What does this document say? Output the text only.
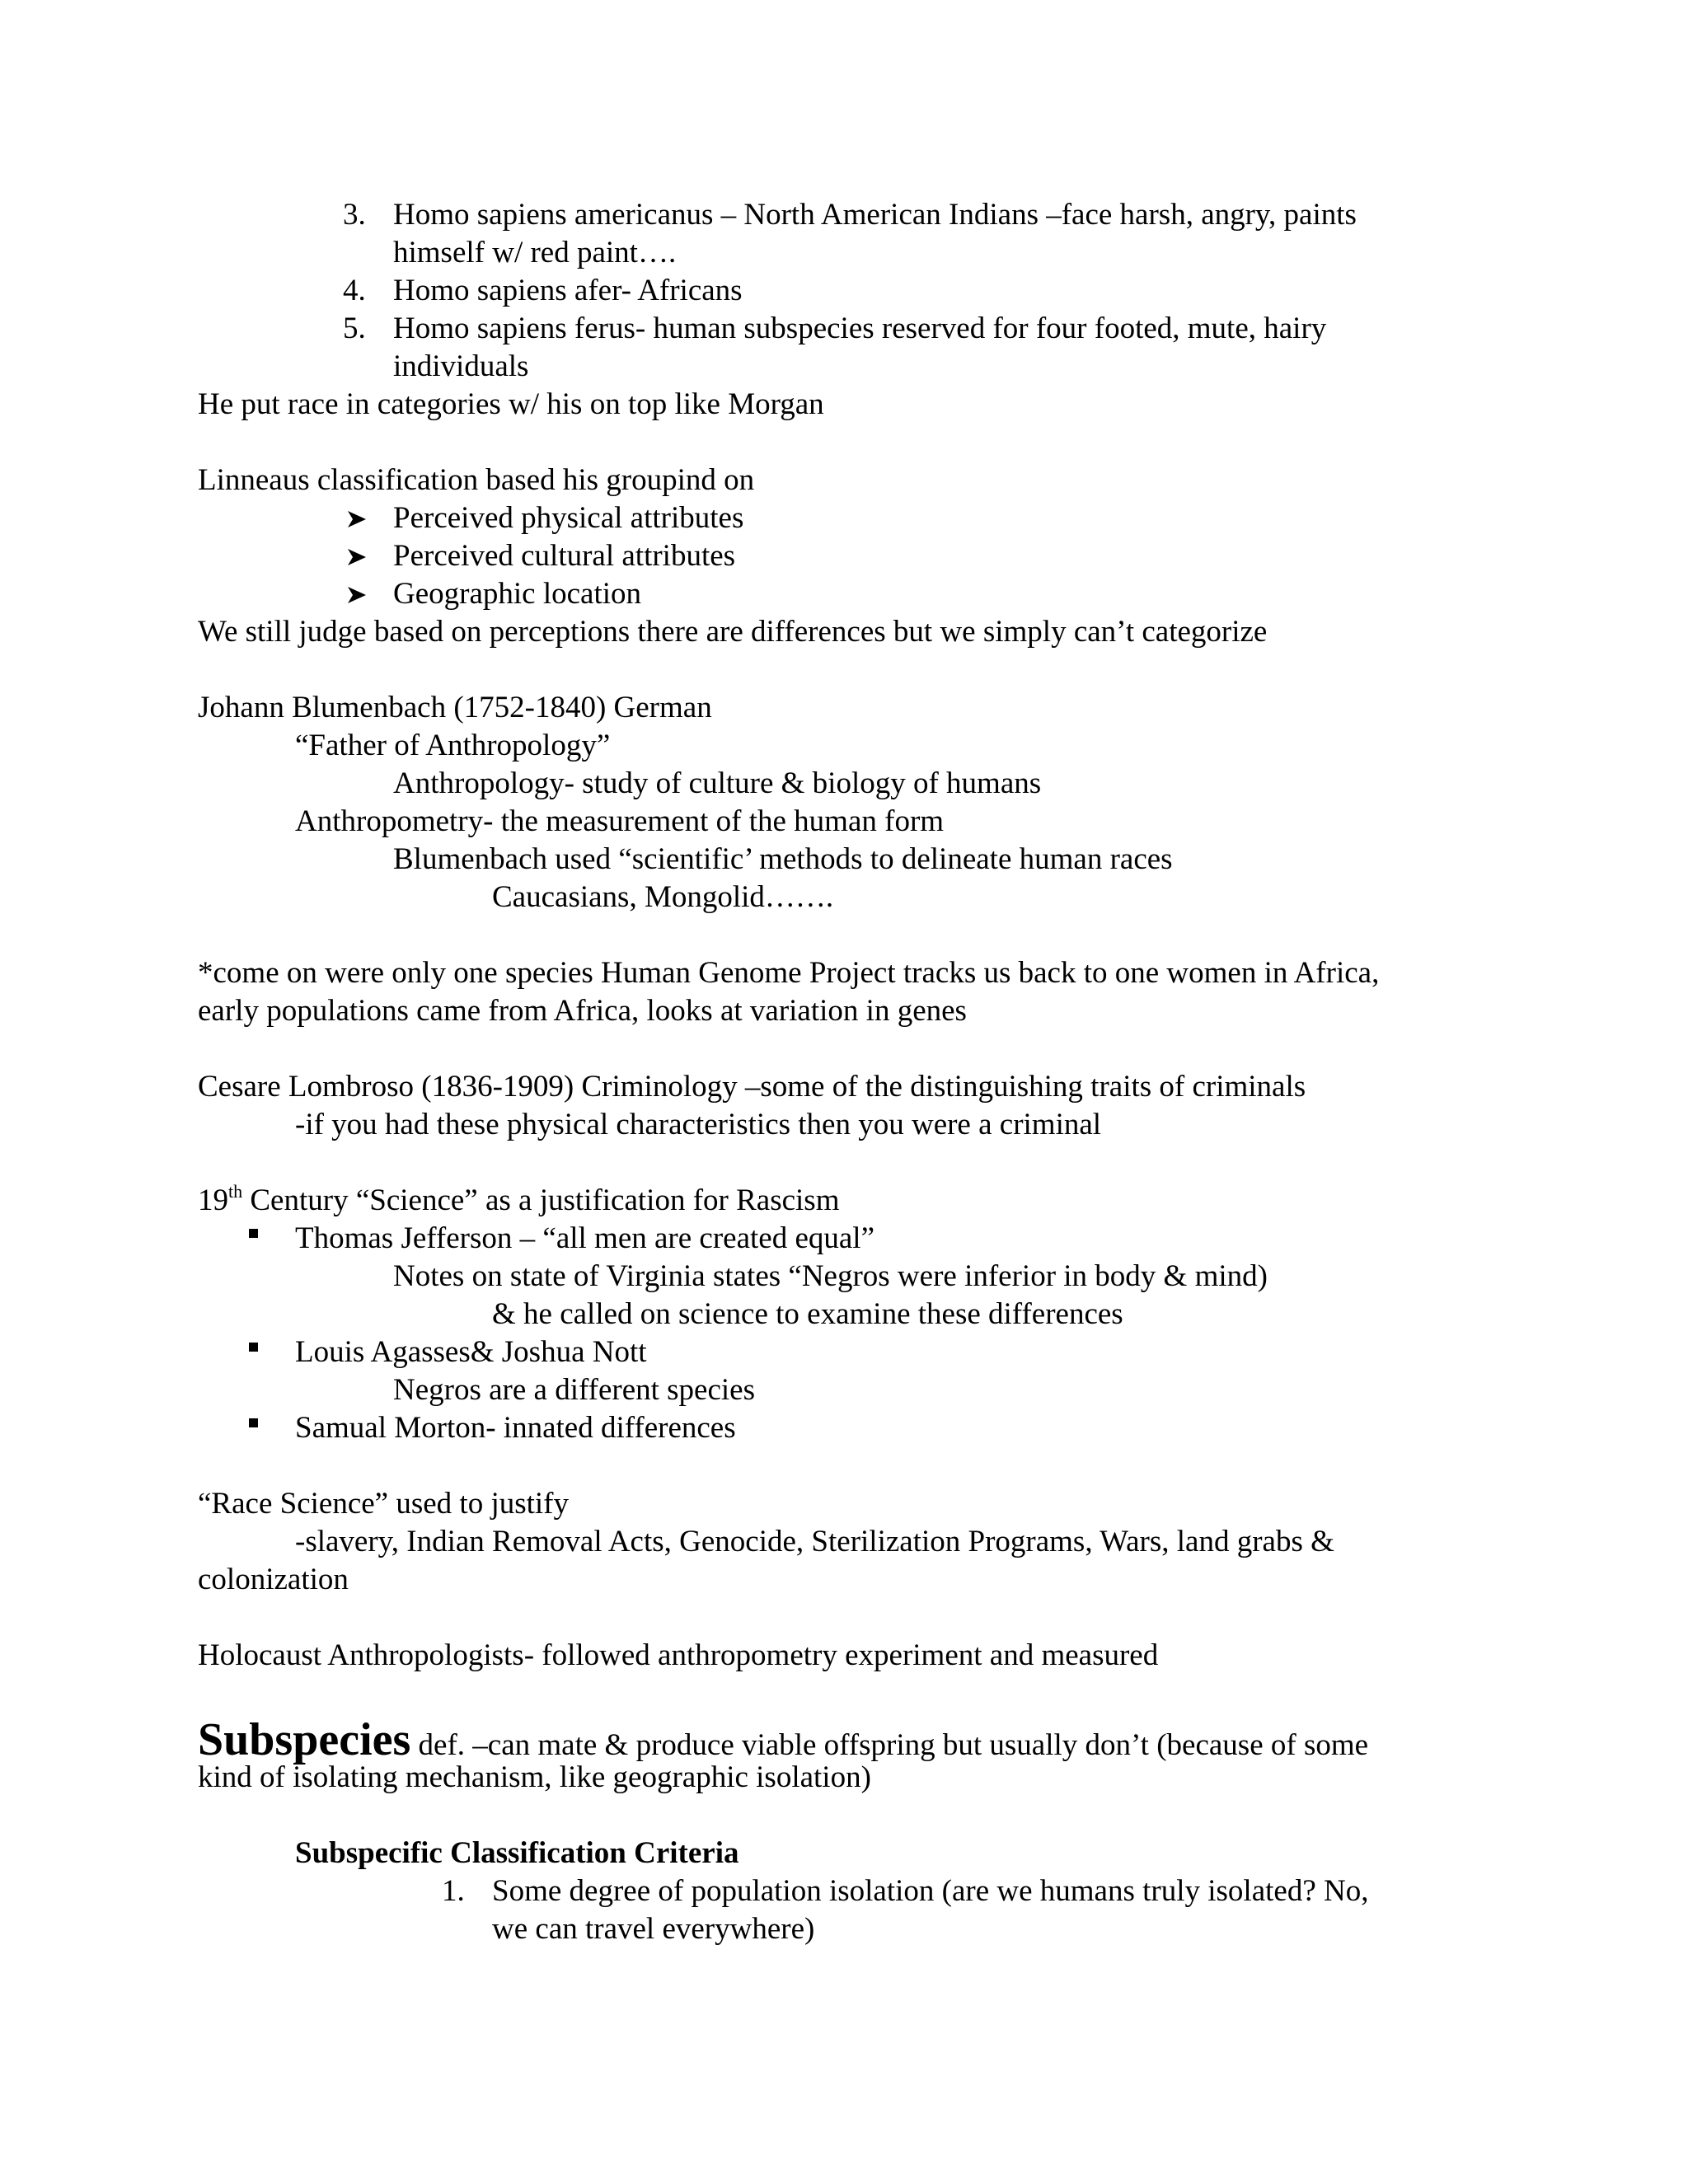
3. Homo sapiens americanus – North American Indians –face harsh, angry, paints
himself w/ red paint….
4. Homo sapiens afer- Africans
5. Homo sapiens ferus- human subspecies reserved for four footed, mute, hairy
individuals
He put race in categories w/ his on top like Morgan
Linneaus classification based his groupind on
Perceived physical attributes
Perceived cultural attributes
Geographic location
We still judge based on perceptions there are differences but we simply can’t categorize
Johann Blumenbach (1752-1840) German
“Father of Anthropology”
Anthropology- study of culture & biology of humans
Anthropometry- the measurement of the human form
Blumenbach used “scientific’ methods to delineate human races
Caucasians, Mongolid…….
*come on were only one species Human Genome Project tracks us back to one women in Africa,
early populations came from Africa, looks at variation in genes
Cesare Lombroso (1836-1909) Criminology –some of the distinguishing traits of criminals
-if you had these physical characteristics then you were a criminal
19th Century “Science” as a justification for Rascism
Thomas Jefferson – “all men are created equal”
Notes on state of Virginia states “Negros were inferior in body & mind)
& he called on science to examine these differences
Louis Agasses& Joshua Nott
Negros are a different species
Samual Morton- innated differences
“Race Science” used to justify
-slavery, Indian Removal Acts, Genocide, Sterilization Programs, Wars, land grabs &
colonization
Holocaust Anthropologists- followed anthropometry experiment and measured
Subspecies def. –can mate & produce viable offspring but usually don’t (because of some
kind of isolating mechanism, like geographic isolation)
Subspecific Classification Criteria
1. Some degree of population isolation (are we humans truly isolated? No,
we can travel everywhere)
